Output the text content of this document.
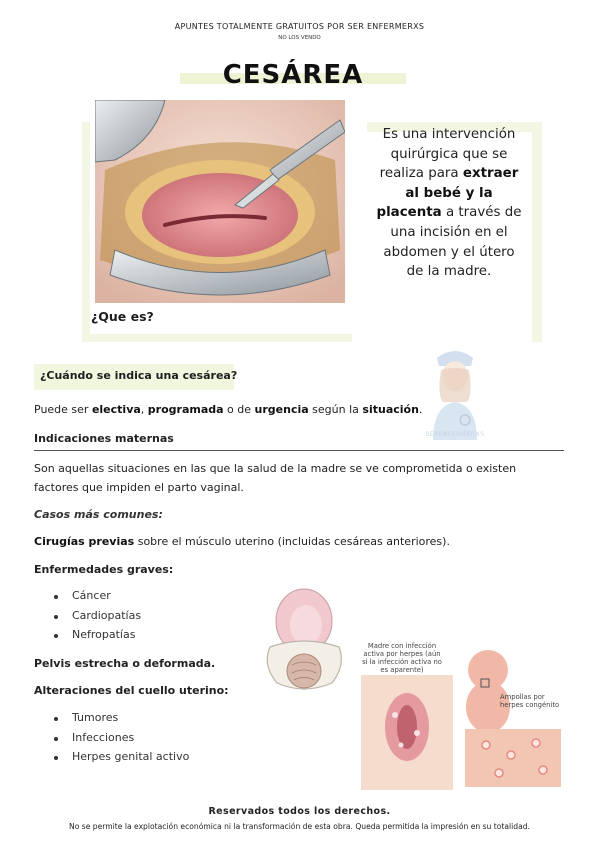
APUNTES TOTALMENTE GRATUITOS POR SER ENFERMERXS
NO LOS VENDO
CESÁREA
Es una intervención quirúrgica que se realiza para extraer al bebé y la placenta a través de una incisión en el abdomen y el útero de la madre.
¿Que es?
¿Cuándo se indica una cesárea?
SERENFERMERXS
Puede ser electiva, programada o de urgencia según la situación.
Indicaciones maternas
Son aquellas situaciones en las que la salud de la madre se ve comprometida o existen factores que impiden el parto vaginal.
Casos más comunes:
Cirugías previas sobre el músculo uterino (incluidas cesáreas anteriores).
Enfermedades graves:
Cáncer
Cardiopatías
Nefropatías
Pelvis estrecha o deformada.
Alteraciones del cuello uterino:
Tumores
Infecciones
Herpes genital activo
Madre con infección activa por herpes (aún si la infección activa no es aparente)
Ampollas por herpes congénito
Reservados todos los derechos.
No se permite la explotación económica ni la transformación de esta obra. Queda permitida la impresión en su totalidad.
